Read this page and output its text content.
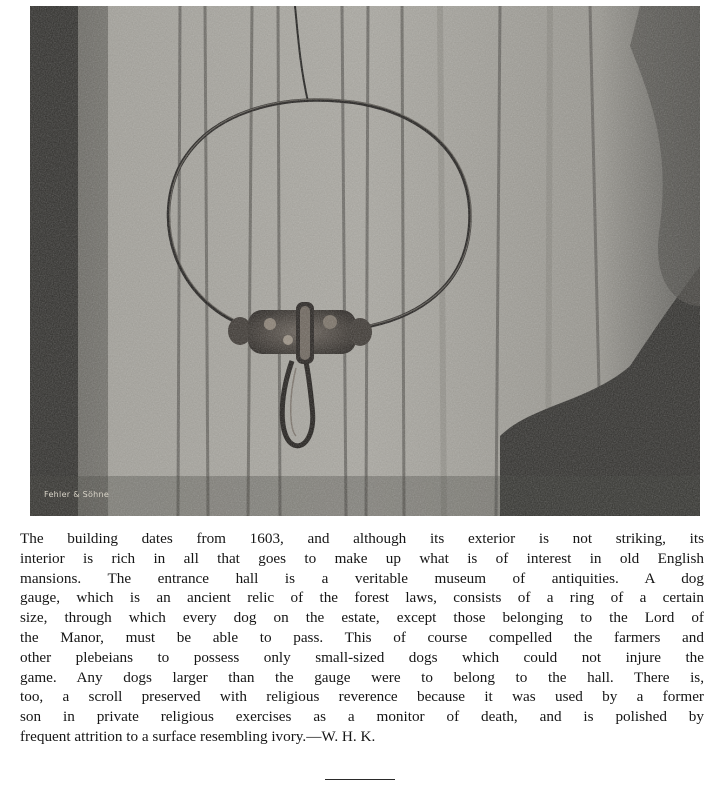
Fehler & Söhne
The building dates from 1603, and although its exterior is not striking, its
interior is rich in all that goes to make up what is of interest in old English
mansions. The entrance hall is a veritable museum of antiquities. A dog
gauge, which is an ancient relic of the forest laws, consists of a ring of a certain
size, through which every dog on the estate, except those belonging to the Lord of
the Manor, must be able to pass. This of course compelled the farmers and
other plebeians to possess only small-sized dogs which could not injure the
game. Any dogs larger than the gauge were to belong to the hall. There is,
too, a scroll preserved with religious reverence because it was used by a former
son in private religious exercises as a monitor of death, and is polished by
frequent attrition to a surface resembling ivory.—W. H. K.
